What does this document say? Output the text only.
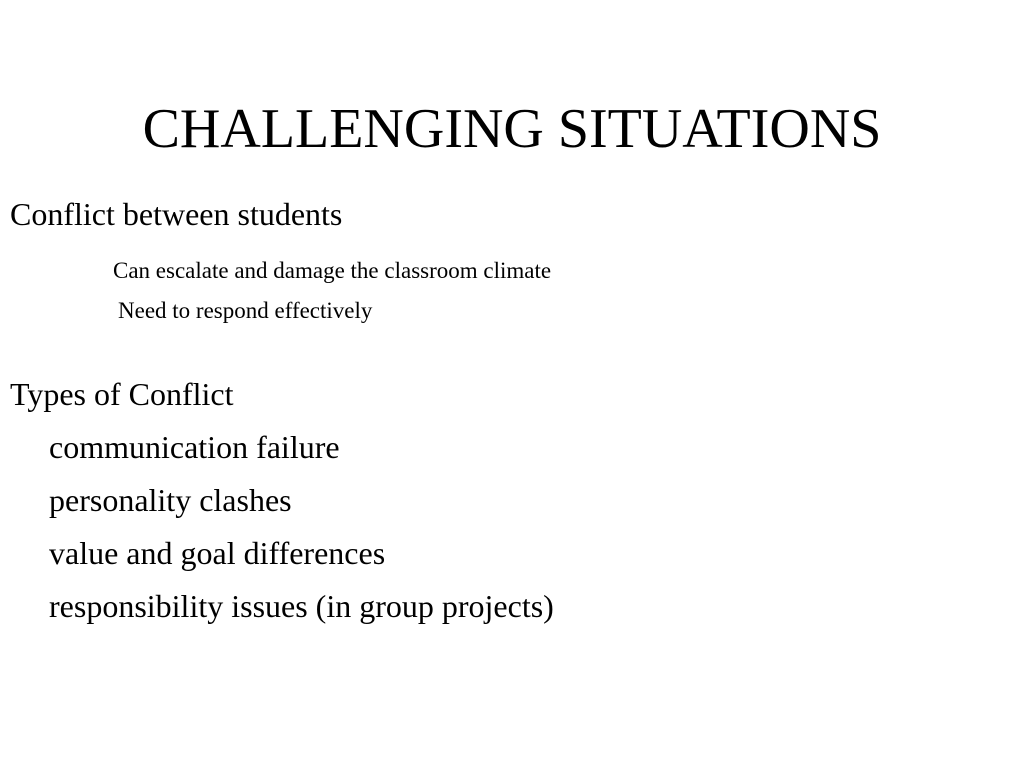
CHALLENGING SITUATIONS
Conflict between students
Can escalate and damage the classroom climate
Need to respond effectively
Types of Conflict
communication failure
personality clashes
value and goal differences
responsibility issues (in group projects)
